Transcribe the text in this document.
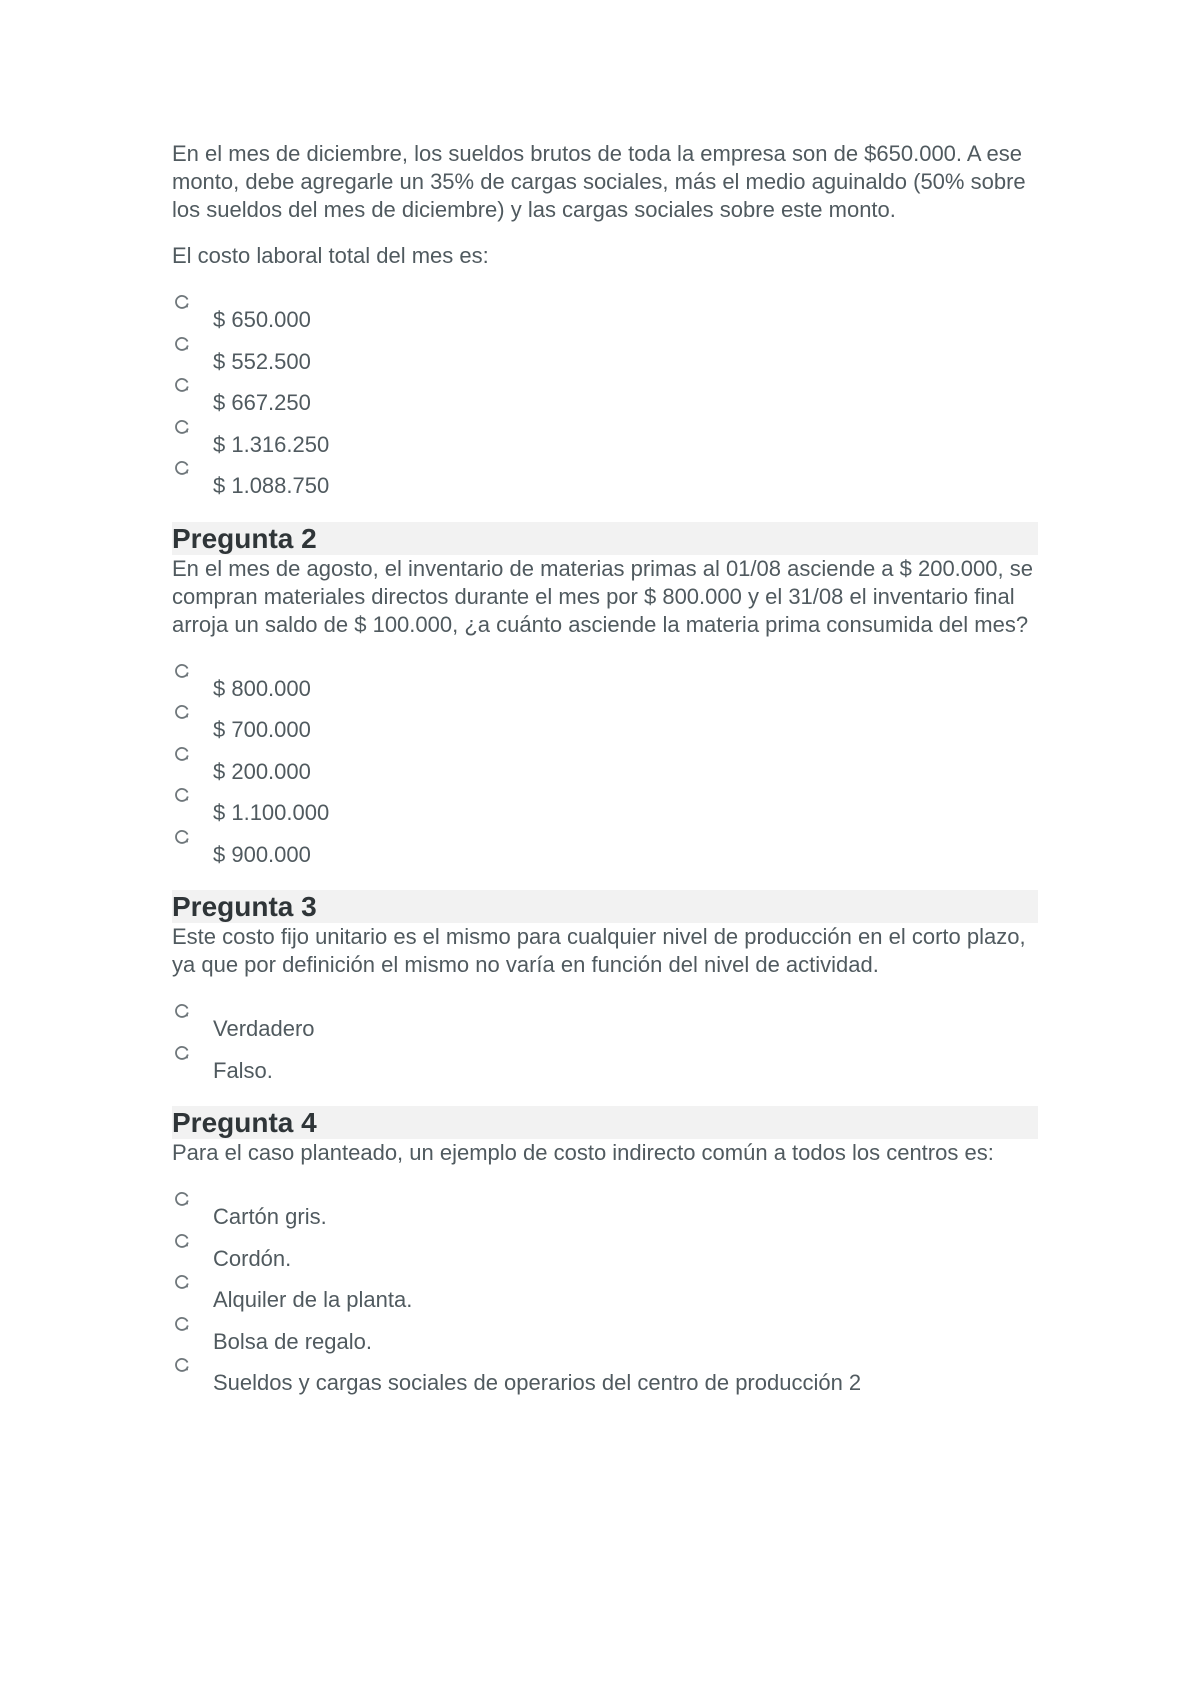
En el mes de diciembre, los sueldos brutos de toda la empresa son de $650.000. A ese monto, debe agregarle un 35% de cargas sociales, más el medio aguinaldo (50% sobre los sueldos del mes de diciembre) y las cargas sociales sobre este monto.

El costo laboral total del mes es:

$ 650.000
$ 552.500
$ 667.250
$ 1.316.250
$ 1.088.750
Pregunta 2

En el mes de agosto, el inventario de materias primas al 01/08 asciende a $ 200.000, se compran materiales directos durante el mes por $ 800.000 y el 31/08 el inventario final arroja un saldo de $ 100.000, ¿a cuánto asciende la materia prima consumida del mes?

$ 800.000
$ 700.000
$ 200.000
$ 1.100.000
$ 900.000
Pregunta 3

Este costo fijo unitario es el mismo para cualquier nivel de producción en el corto plazo, ya que por definición el mismo no varía en función del nivel de actividad.

Verdadero
Falso.
Pregunta 4

Para el caso planteado, un ejemplo de costo indirecto común a todos los centros es:

Cartón gris.
Cordón.
Alquiler de la planta.
Bolsa de regalo.
Sueldos y cargas sociales de operarios del centro de producción 2
